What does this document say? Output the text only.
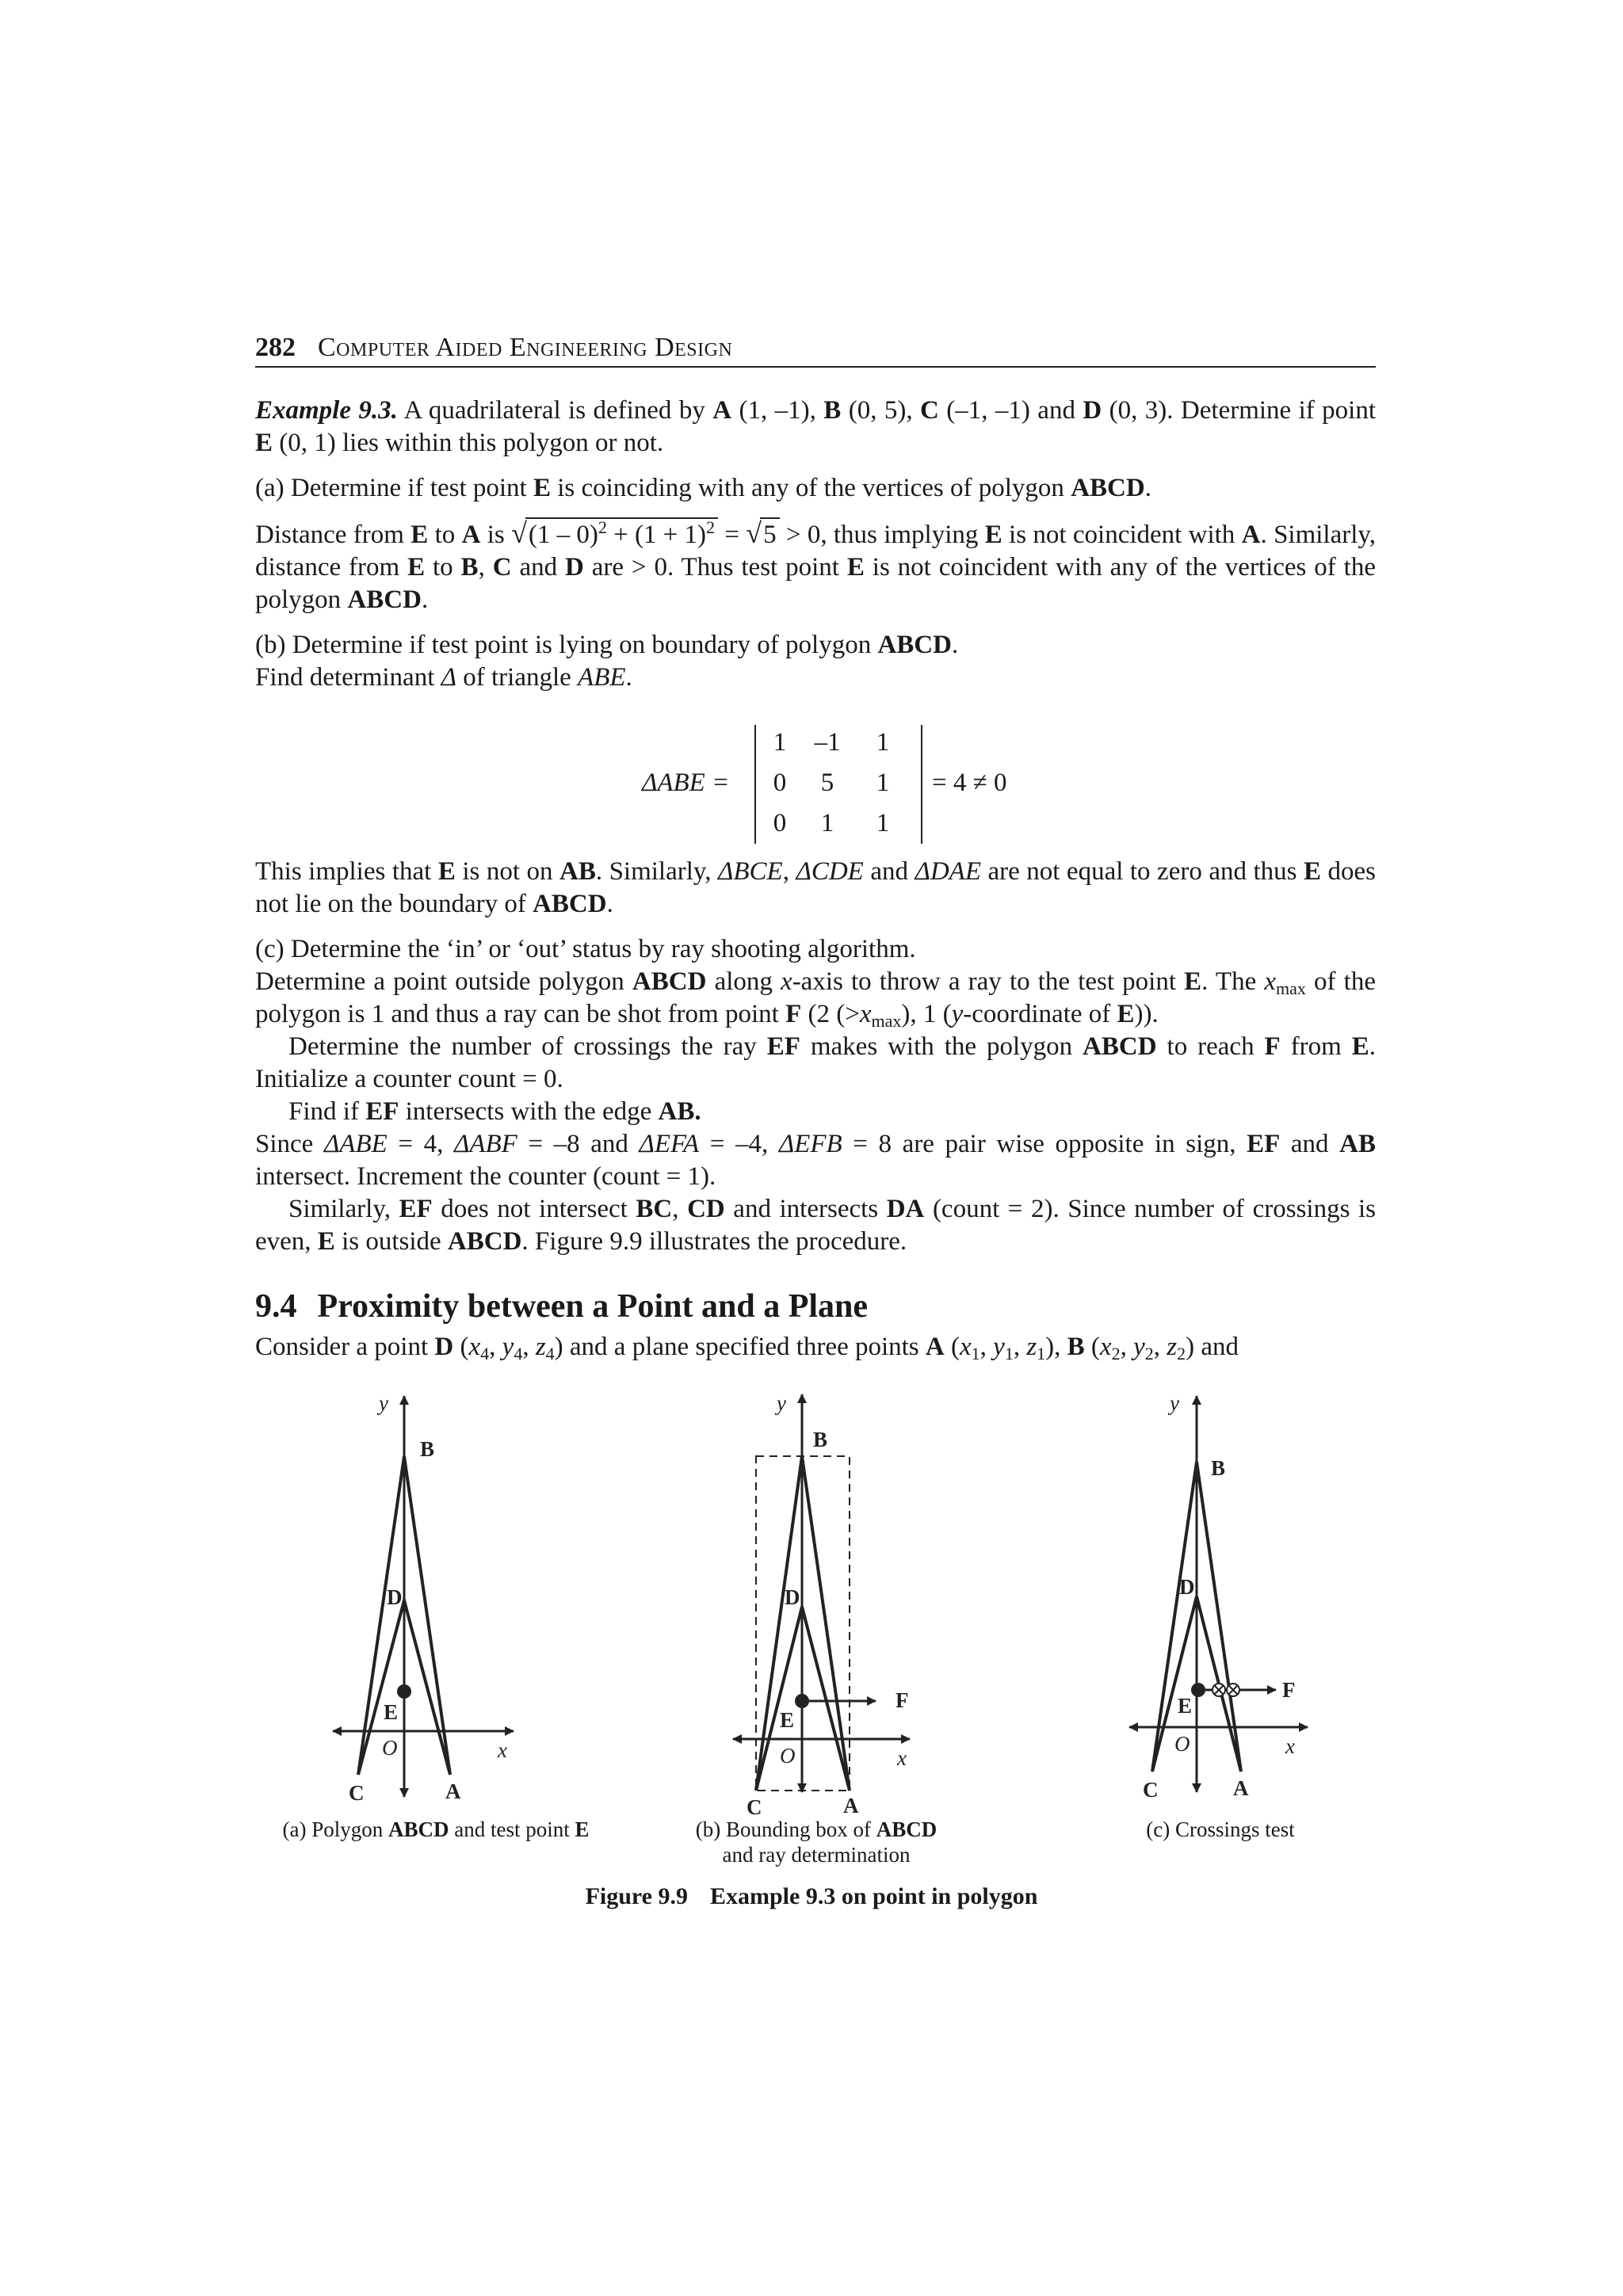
282 Computer Aided Engineering Design

Example 9.3. A quadrilateral is defined by A (1, –1), B (0, 5), C (–1, –1) and D (0, 3). Determine if point E (0, 1) lies within this polygon or not.

(a) Determine if test point E is coinciding with any of the vertices of polygon ABCD.

Distance from E to A is $√(1 - 0)^2 + (1 + 1)^2 = √5 > 0$, thus implying E is not coincident with A. Similarly, distance from E to B, C and D are > 0. Thus test point E is not coincident with any of the vertices of the polygon ABCD.

(b) Determine if test point is lying on boundary of polygon ABCD.

Find determinant Δ of triangle ABE.

ΔABE =
1	–1	1
0	5	1
0	1	1
= 4 ≠ 0

This implies that E is not on AB. Similarly, ΔBCE, ΔCDE and ΔDAE are not equal to zero and thus E does not lie on the boundary of ABCD.

(c) Determine the ‘in’ or ‘out’ status by ray shooting algorithm.

Determine a point outside polygon ABCD along x-axis to throw a ray to the test point E. The $x_{max}$ of the polygon is 1 and thus a ray can be shot from point F (2 $(>x_{max})$, 1 (y-coordinate of E)).

Determine the number of crossings the ray EF makes with the polygon ABCD to reach F from E. Initialize a counter count = 0.

Find if EF intersects with the edge AB.

Since ΔABE = 4, ΔABF = –8 and ΔEFA = –4, ΔEFB = 8 are pair wise opposite in sign, EF and AB intersect. Increment the counter (count = 1).

Similarly, EF does not intersect BC, CD and intersects DA (count = 2). Since number of crossings is even, E is outside ABCD. Figure 9.9 illustrates the procedure.

9.4 Proximity between a Point and a Plane

Consider a point D ($x_4$, $y_4$, $z_4$) and a plane specified three points A ($x_1$, $y_1$, $z_1$), B ($x_2$, $y_2$, $z_2$) and

y
B
D
E
O	x
C	A
y
B
D
E
F
O	x
C	A
y
B
D
E
F
O	x
C	A
(a) Polygon ABCD and test point E	(b) Bounding box of ABCD
and ray determination
(c) Crossings test
Figure 9.9 Example 9.3 on point in polygon
